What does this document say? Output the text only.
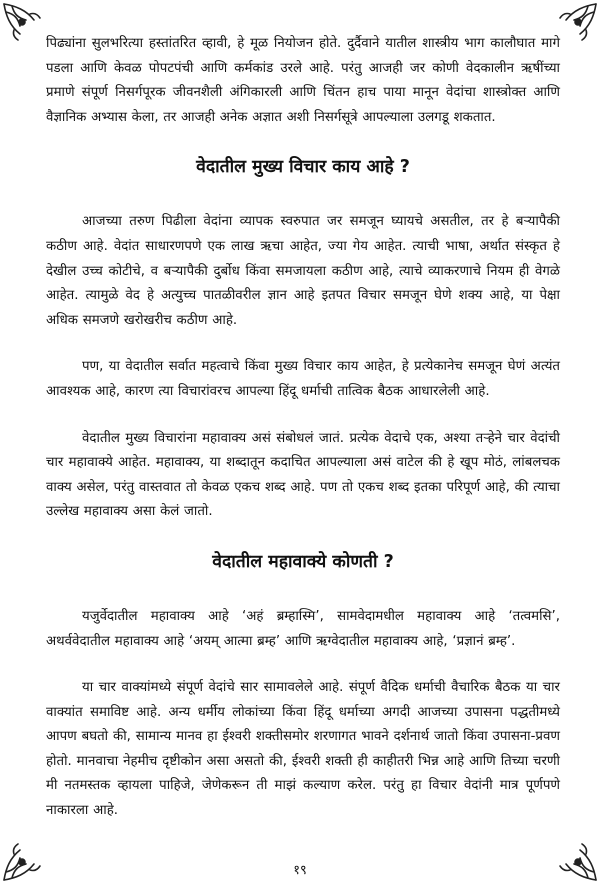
पिढ्यांना सुलभरित्या हस्तांतरित व्हावी, हे मूळ नियोजन होते. दुर्दैवाने यातील शास्त्रीय भाग कालौघात मागे पडला आणि केवळ पोपटपंची आणि कर्मकांड उरले आहे. परंतु आजही जर कोणी वेदकालीन ऋषींच्या प्रमाणे संपूर्ण निसर्गपूरक जीवनशैली अंगिकारली आणि चिंतन हाच पाया मानून वेदांचा शास्त्रोक्त आणि वैज्ञानिक अभ्यास केला, तर आजही अनेक अज्ञात अशी निसर्गसूत्रे आपल्याला उलगडू शकतात.

वेदातील मुख्य विचार काय आहे ?

आजच्या तरुण पिढीला वेदांना व्यापक स्वरुपात जर समजून घ्यायचे असतील, तर हे बऱ्यापैकी कठीण आहे. वेदांत साधारणपणे एक लाख ऋचा आहेत, ज्या गेय आहेत. त्याची भाषा, अर्थात संस्कृत हे देखील उच्च कोटीचे, व बऱ्यापैकी दुर्बोध किंवा समजायला कठीण आहे, त्याचे व्याकरणाचे नियम ही वेगळे आहेत. त्यामुळे वेद हे अत्युच्च पातळीवरील ज्ञान आहे इतपत विचार समजून घेणे शक्य आहे, या पेक्षा अधिक समजणे खरोखरीच कठीण आहे.

पण, या वेदातील सर्वात महत्वाचे किंवा मुख्य विचार काय आहेत, हे प्रत्येकानेच समजून घेणं अत्यंत आवश्यक आहे, कारण त्या विचारांवरच आपल्या हिंदू धर्माची तात्विक बैठक आधारलेली आहे.

वेदातील मुख्य विचारांना महावाक्य असं संबोधलं जातं. प्रत्येक वेदाचे एक, अश्या तऱ्हेने चार वेदांची चार महावाक्ये आहेत. महावाक्य, या शब्दातून कदाचित आपल्याला असं वाटेल की हे खूप मोठं, लांबलचक वाक्य असेल, परंतु वास्तवात तो केवळ एकच शब्द आहे. पण तो एकच शब्द इतका परिपूर्ण आहे, की त्याचा उल्लेख महावाक्य असा केलं जातो.

वेदातील महावाक्ये कोणती ?

यजुर्वेदातील महावाक्य आहे ‘अहं ब्रम्हास्मि’, सामवेदामधील महावाक्य आहे ‘तत्वमसि’, अथर्ववेदातील महावाक्य आहे ‘अयम् आत्मा ब्रम्ह’ आणि ऋग्वेदातील महावाक्य आहे, ‘प्रज्ञानं ब्रम्ह’.

या चार वाक्यांमध्ये संपूर्ण वेदांचे सार सामावलेले आहे. संपूर्ण वैदिक धर्माची वैचारिक बैठक या चार वाक्यांत समाविष्ट आहे. अन्य धर्मीय लोकांच्या किंवा हिंदू धर्माच्या अगदी आजच्या उपासना पद्धतीमध्ये आपण बघतो की, सामान्य मानव हा ईश्वरी शक्तीसमोर शरणागत भावने दर्शनार्थ जातो किंवा उपासना-प्रवण होतो. मानवाचा नेहमीच दृष्टीकोन असा असतो की, ईश्वरी शक्ती ही काहीतरी भिन्न आहे आणि तिच्या चरणी मी नतमस्तक व्हायला पाहिजे, जेणेकरून ती माझं कल्याण करेल. परंतु हा विचार वेदांनी मात्र पूर्णपणे नाकारला आहे.

१९
